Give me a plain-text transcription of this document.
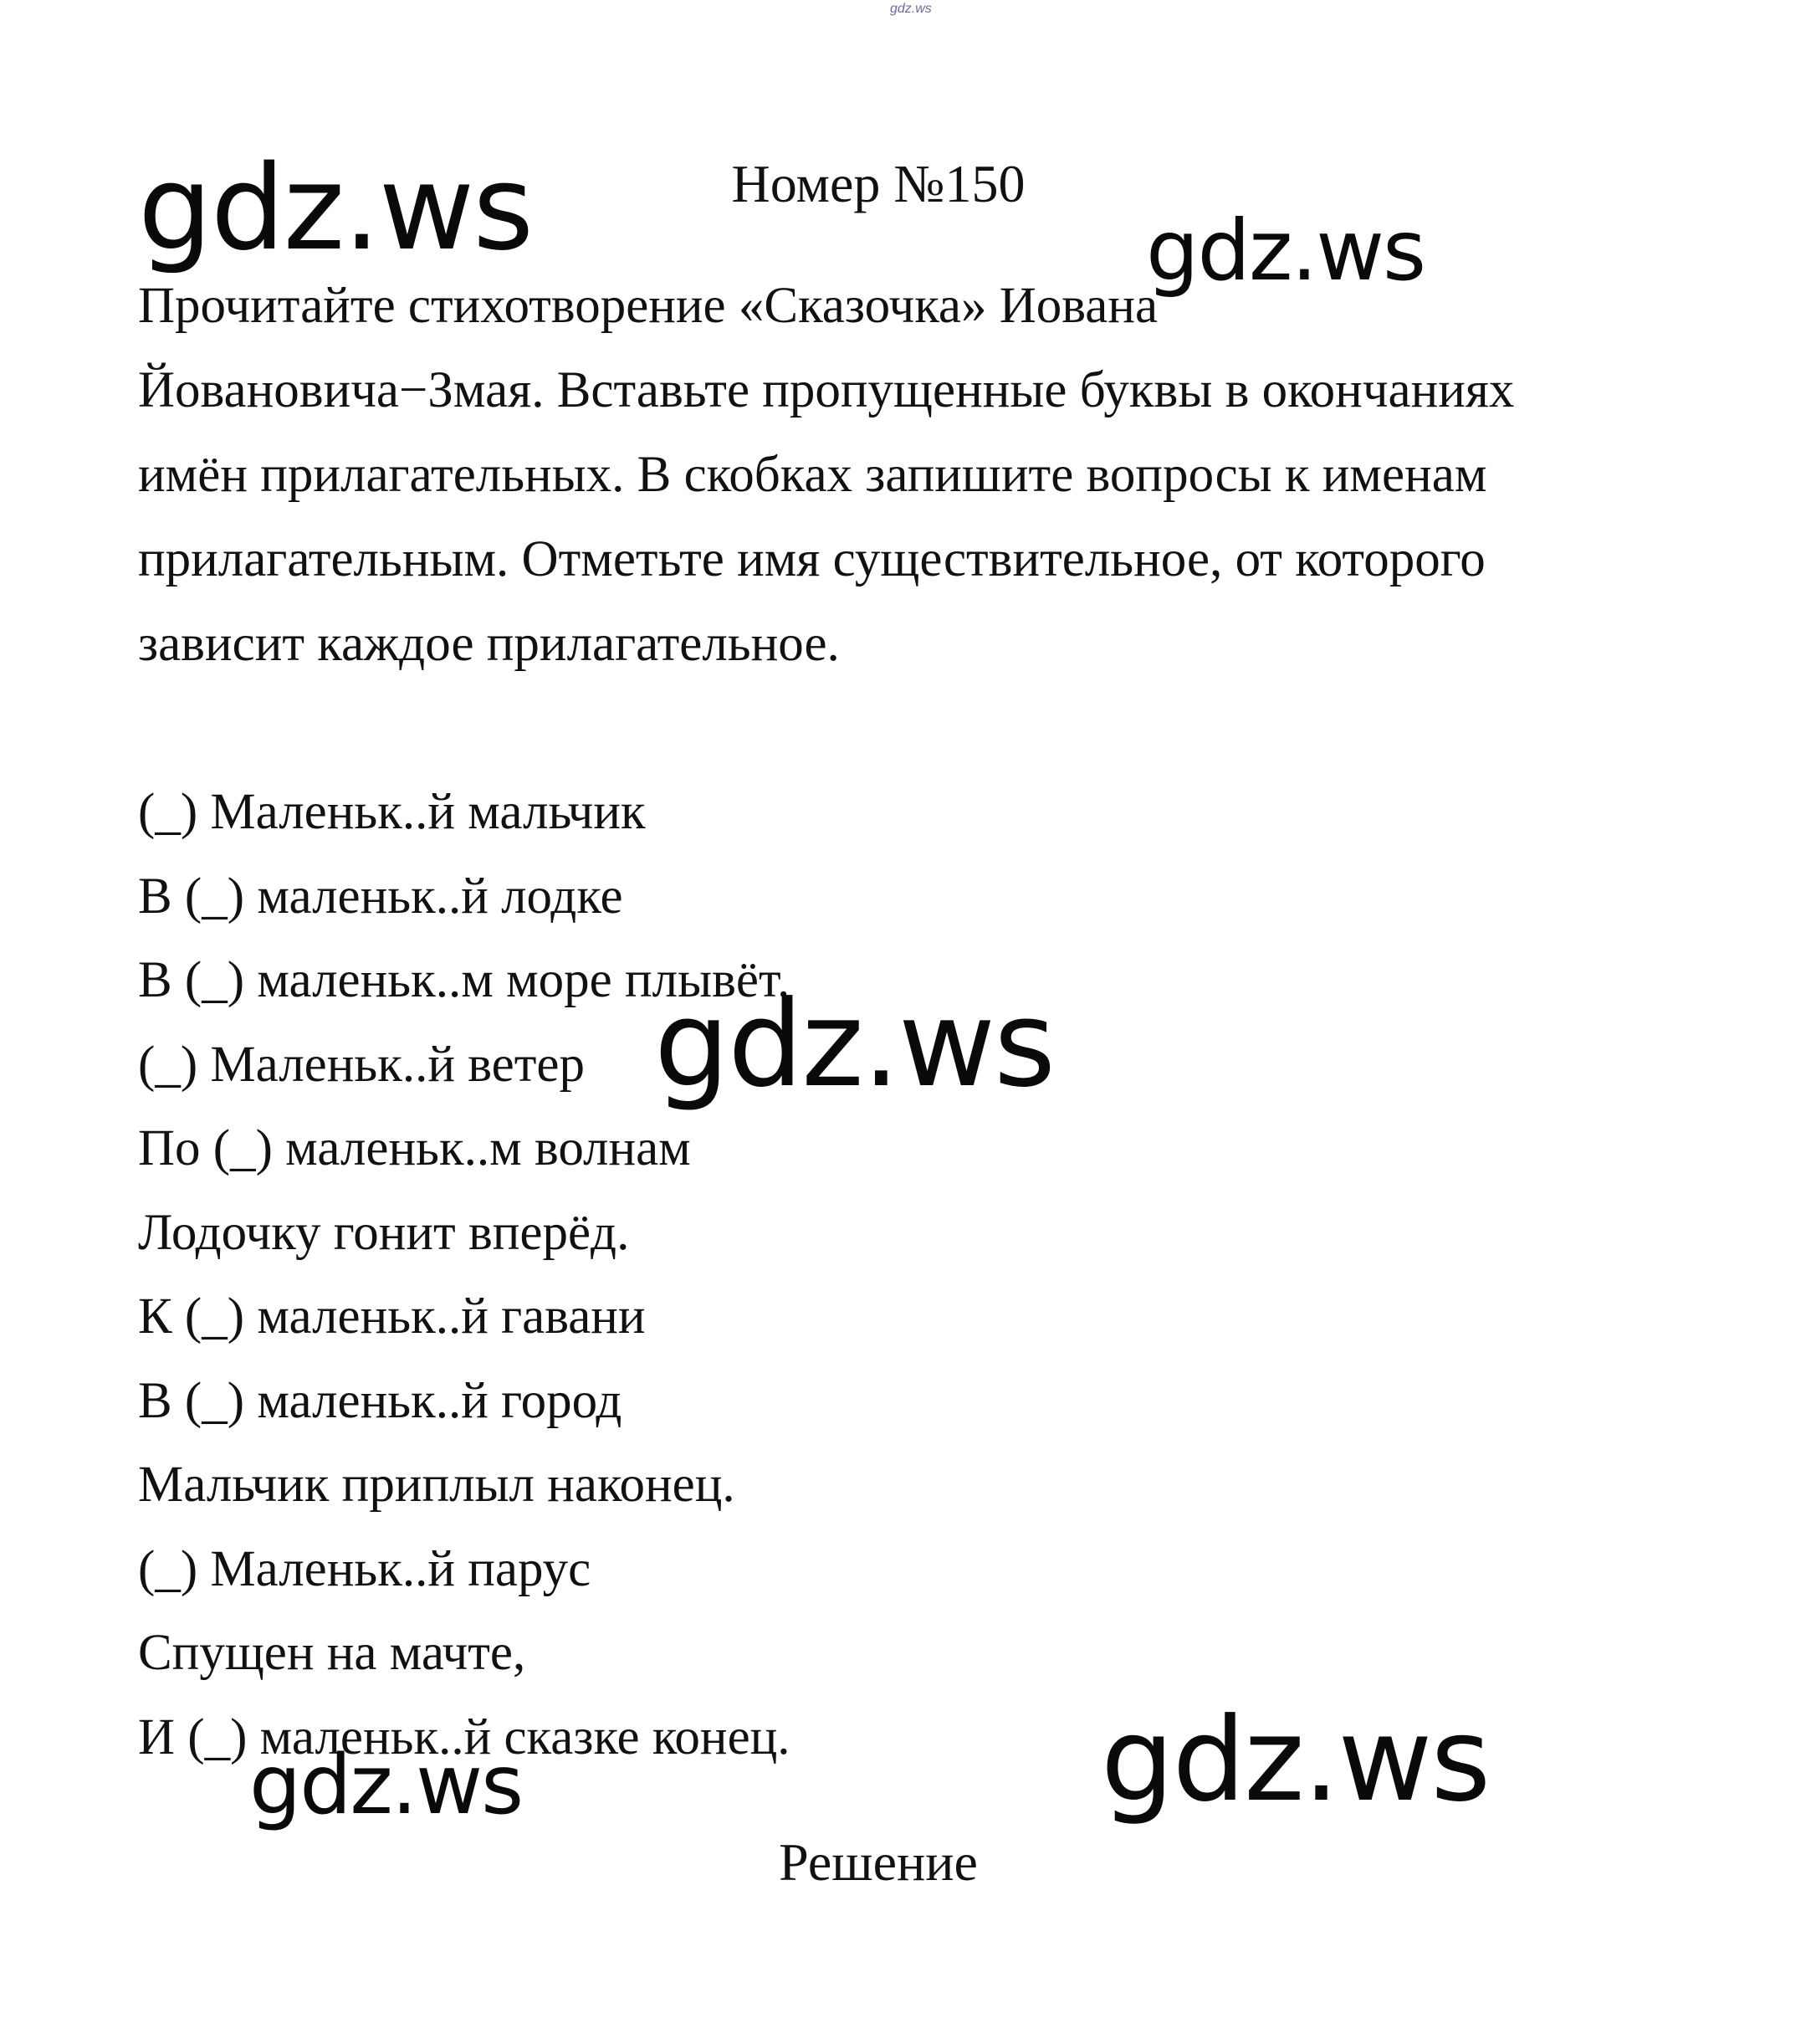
gdz.ws
Номер №150

Прочитайте стихотворение «Сказочка» Иована Йовановича−Змая. Вставьте пропущенные буквы в окончаниях имён прилагательных. В скобках запишите вопросы к именам прилагательным. Отметьте имя существительное, от которого зависит каждое прилагательное.

(_) Маленьк..й мальчик
В (_) маленьк..й лодке
В (_) маленьк..м море плывёт.
(_) Маленьк..й ветер
По (_) маленьк..м волнам
Лодочку гонит вперёд.
К (_) маленьк..й гавани
В (_) маленьк..й город
Мальчик приплыл наконец.
(_) Маленьк..й парус
Спущен на мачте,
И (_) маленьк..й сказке конец.
Решение
gdz.ws	gdz.ws
gdz.ws
gdz.ws	gdz.ws
